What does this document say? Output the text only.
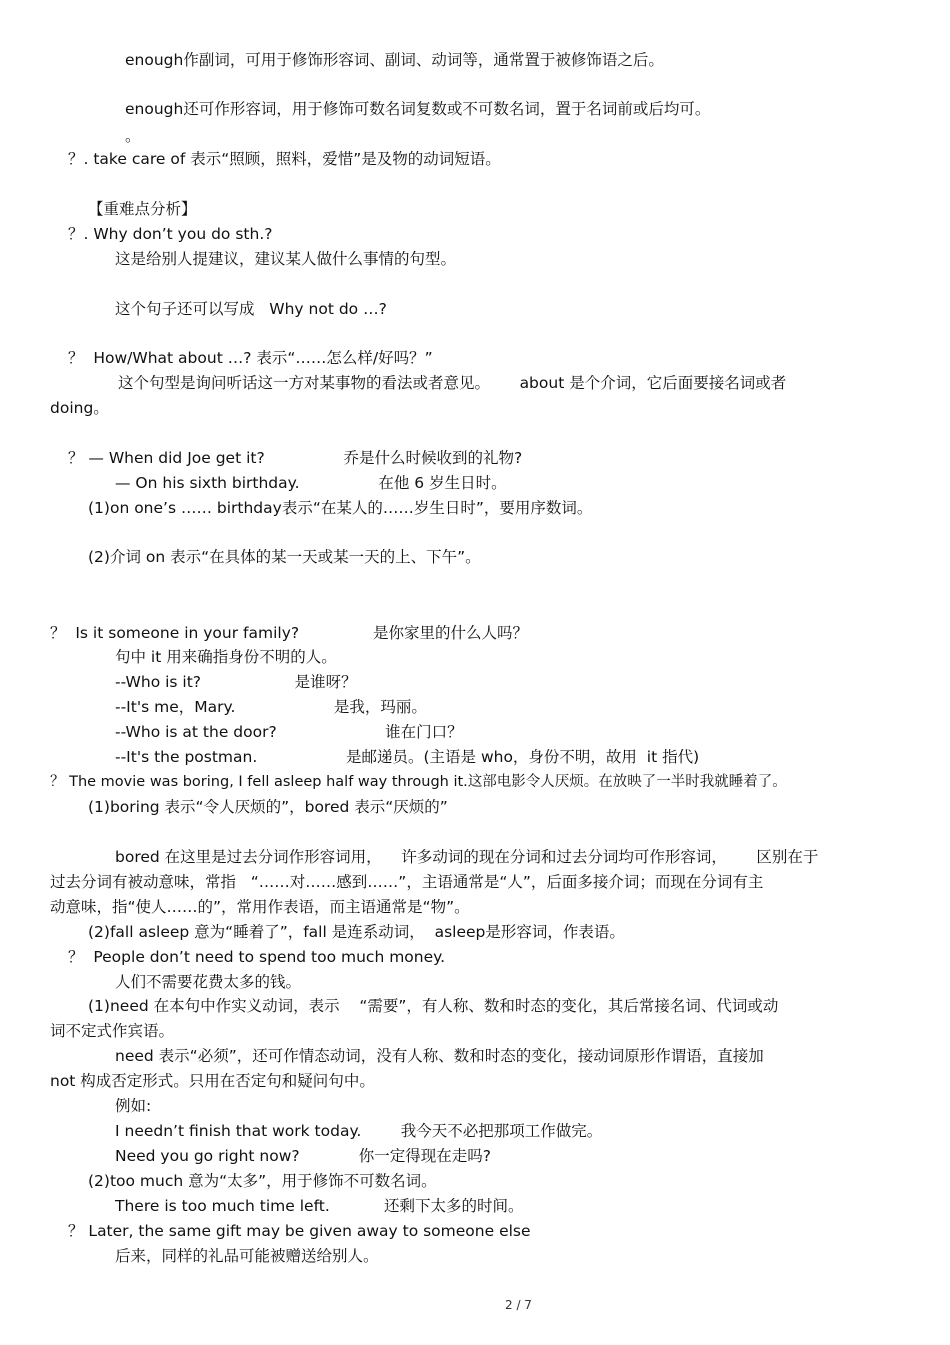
enough作副词，可用于修饰形容词、副词、动词等，通常置于被修饰语之后。
enough还可作形容词，用于修饰可数名词复数或不可数名词，置于名词前或后均可。
。
？. take care of 表示“照顾，照料，爱惜”是及物的动词短语。
【重难点分析】
？. Why don’t you do sth.?
这是给别人提建议，建议某人做什么事情的句型。
这个句子还可以写成   Why not do …?
？  How/What about …? 表示“……怎么样/好吗？”
这个句型是询问听话这一方对某事物的看法或者意见。      about 是个介词，它后面要接名词或者
doing。
？ — When did Joe get it?                乔是什么时候收到的礼物?
— On his sixth birthday.                在他 6 岁生日时。
(1)on one’s …… birthday表示“在某人的……岁生日时”，要用序数词。
(2)介词 on 表示“在具体的某一天或某一天的上、下午”。
？  Is it someone in your family?               是你家里的什么人吗？
句中 it 用来确指身份不明的人。
--Who is it?                   是谁呀？
--It's me，Mary.                    是我，玛丽。
--Who is at the door?                      谁在门口？
--It's the postman.                  是邮递员。(主语是 who，身份不明，故用  it 指代)
？ The movie was boring, I fell asleep half way through it.这部电影令人厌烦。在放映了一半时我就睡着了。
(1)boring 表示“令人厌烦的”，bored 表示“厌烦的”
bored 在这里是过去分词作形容词用，    许多动词的现在分词和过去分词均可作形容词，      区别在于
过去分词有被动意味，常指   “……对……感到……”，主语通常是“人”，后面多接介词；而现在分词有主
动意味，指“使人……的”，常用作表语，而主语通常是“物”。
(2)fall asleep 意为“睡着了”，fall 是连系动词，  asleep是形容词，作表语。
？  People don’t need to spend too much money.
人们不需要花费太多的钱。
(1)need 在本句中作实义动词，表示    “需要”，有人称、数和时态的变化，其后常接名词、代词或动
词不定式作宾语。
need 表示“必须”，还可作情态动词，没有人称、数和时态的变化，接动词原形作谓语，直接加
not 构成否定形式。只用在否定句和疑问句中。
例如:
I needn’t finish that work today.        我今天不必把那项工作做完。
Need you go right now?            你一定得现在走吗?
(2)too much 意为“太多”，用于修饰不可数名词。
There is too much time left.           还剩下太多的时间。
？ Later, the same gift may be given away to someone else
后来，同样的礼品可能被赠送给别人。
2 / 7
